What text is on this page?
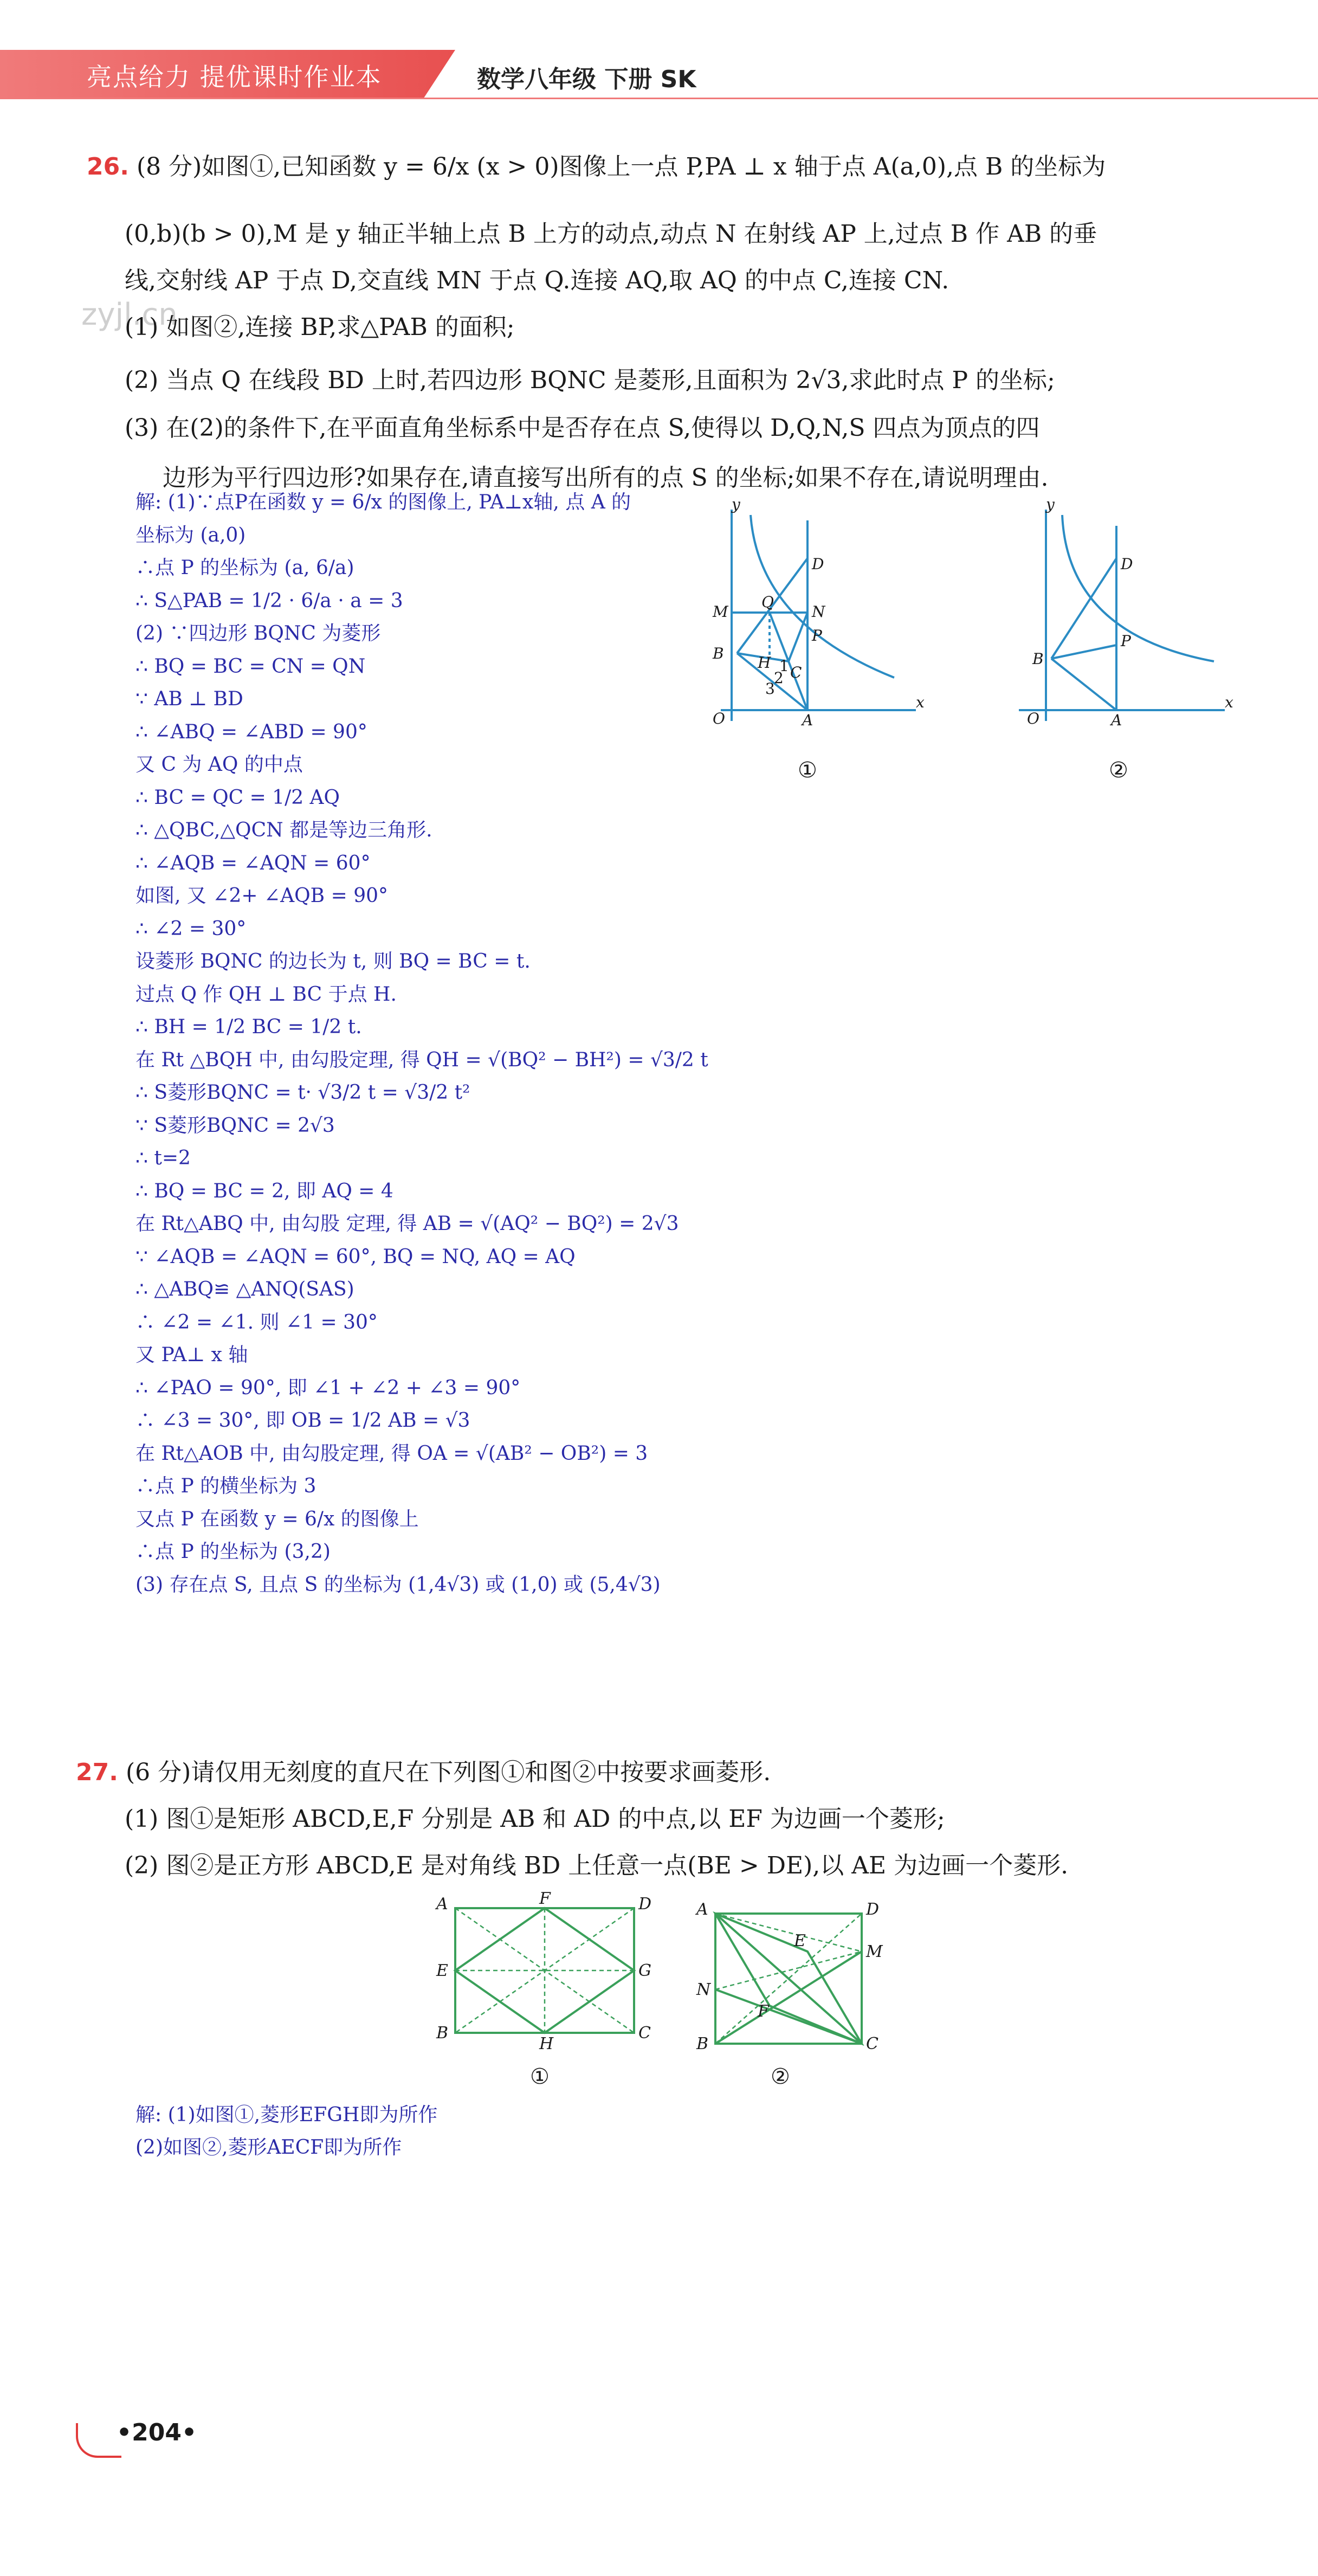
亮点给力 提优课时作业本	数学八年级 下册 SK
zyjl.cn
26. (8 分)如图①,已知函数 y = 6/x (x > 0)图像上一点 P,PA ⊥ x 轴于点 A(a,0),点 B 的坐标为
(0,b)(b > 0),M 是 y 轴正半轴上点 B 上方的动点,动点 N 在射线 AP 上,过点 B 作 AB 的垂
线,交射线 AP 于点 D,交直线 MN 于点 Q.连接 AQ,取 AQ 的中点 C,连接 CN.
(1) 如图②,连接 BP,求△PAB 的面积;
(2) 当点 Q 在线段 BD 上时,若四边形 BQNC 是菱形,且面积为 2√3,求此时点 P 的坐标;
(3) 在(2)的条件下,在平面直角坐标系中是否存在点 S,使得以 D,Q,N,S 四点为顶点的四
边形为平行四边形?如果存在,请直接写出所有的点 S 的坐标;如果不存在,请说明理由.
解: (1)∵点P在函数 y = 6/x 的图像上, PA⊥x轴, 点 A 的
坐标为 (a,0)
∴点 P 的坐标为 (a, 6/a)
∴ S△PAB = 1/2 · 6/a · a = 3
(2) ∵四边形 BQNC 为菱形
∴ BQ = BC = CN = QN
∵ AB ⊥ BD
∴ ∠ABQ = ∠ABD = 90°
又 C 为 AQ 的中点
∴ BC = QC = 1/2 AQ
∴ △QBC,△QCN 都是等边三角形.
∴ ∠AQB = ∠AQN = 60°
如图, 又 ∠2+ ∠AQB = 90°
∴ ∠2 = 30°
设菱形 BQNC 的边长为 t, 则 BQ = BC = t.
过点 Q 作 QH ⊥ BC 于点 H.
∴ BH = 1/2 BC = 1/2 t.
在 Rt △BQH 中, 由勾股定理, 得 QH = √(BQ² − BH²) = √3/2 t
∴ S菱形BQNC = t· √3/2 t = √3/2 t²
∵ S菱形BQNC = 2√3
∴ t=2
∴ BQ = BC = 2, 即 AQ = 4
在 Rt△ABQ 中, 由勾股 定理, 得 AB = √(AQ² − BQ²) = 2√3
∵ ∠AQB = ∠AQN = 60°, BQ = NQ, AQ = AQ
∴ △ABQ≌ △ANQ(SAS)
∴ ∠2 = ∠1. 则 ∠1 = 30°
又 PA⊥ x 轴
∴ ∠PAO = 90°, 即 ∠1 + ∠2 + ∠3 = 90°
∴ ∠3 = 30°, 即 OB = 1/2 AB = √3
在 Rt△AOB 中, 由勾股定理, 得 OA = √(AB² − OB²) = 3
∴点 P 的横坐标为 3
又点 P 在函数 y = 6/x 的图像上
∴点 P 的坐标为 (3,2)
(3) 存在点 S, 且点 S 的坐标为 (1,4√3) 或 (1,0) 或 (5,4√3)
y
x
O	A
B
M
Q
N
P
D
H
C
1
2
3
①
y
x
O	A
B
P
D
②
27. (6 分)请仅用无刻度的直尺在下列图①和图②中按要求画菱形.
(1) 图①是矩形 ABCD,E,F 分别是 AB 和 AD 的中点,以 EF 为边画一个菱形;
(2) 图②是正方形 ABCD,E 是对角线 BD 上任意一点(BE > DE),以 AE 为边画一个菱形.
A	F	D
E	G
B
H
C
①
A	D
E
M
N
F
B	C
②
解: (1)如图①,菱形EFGH即为所作
(2)如图②,菱形AECF即为所作
•204•
